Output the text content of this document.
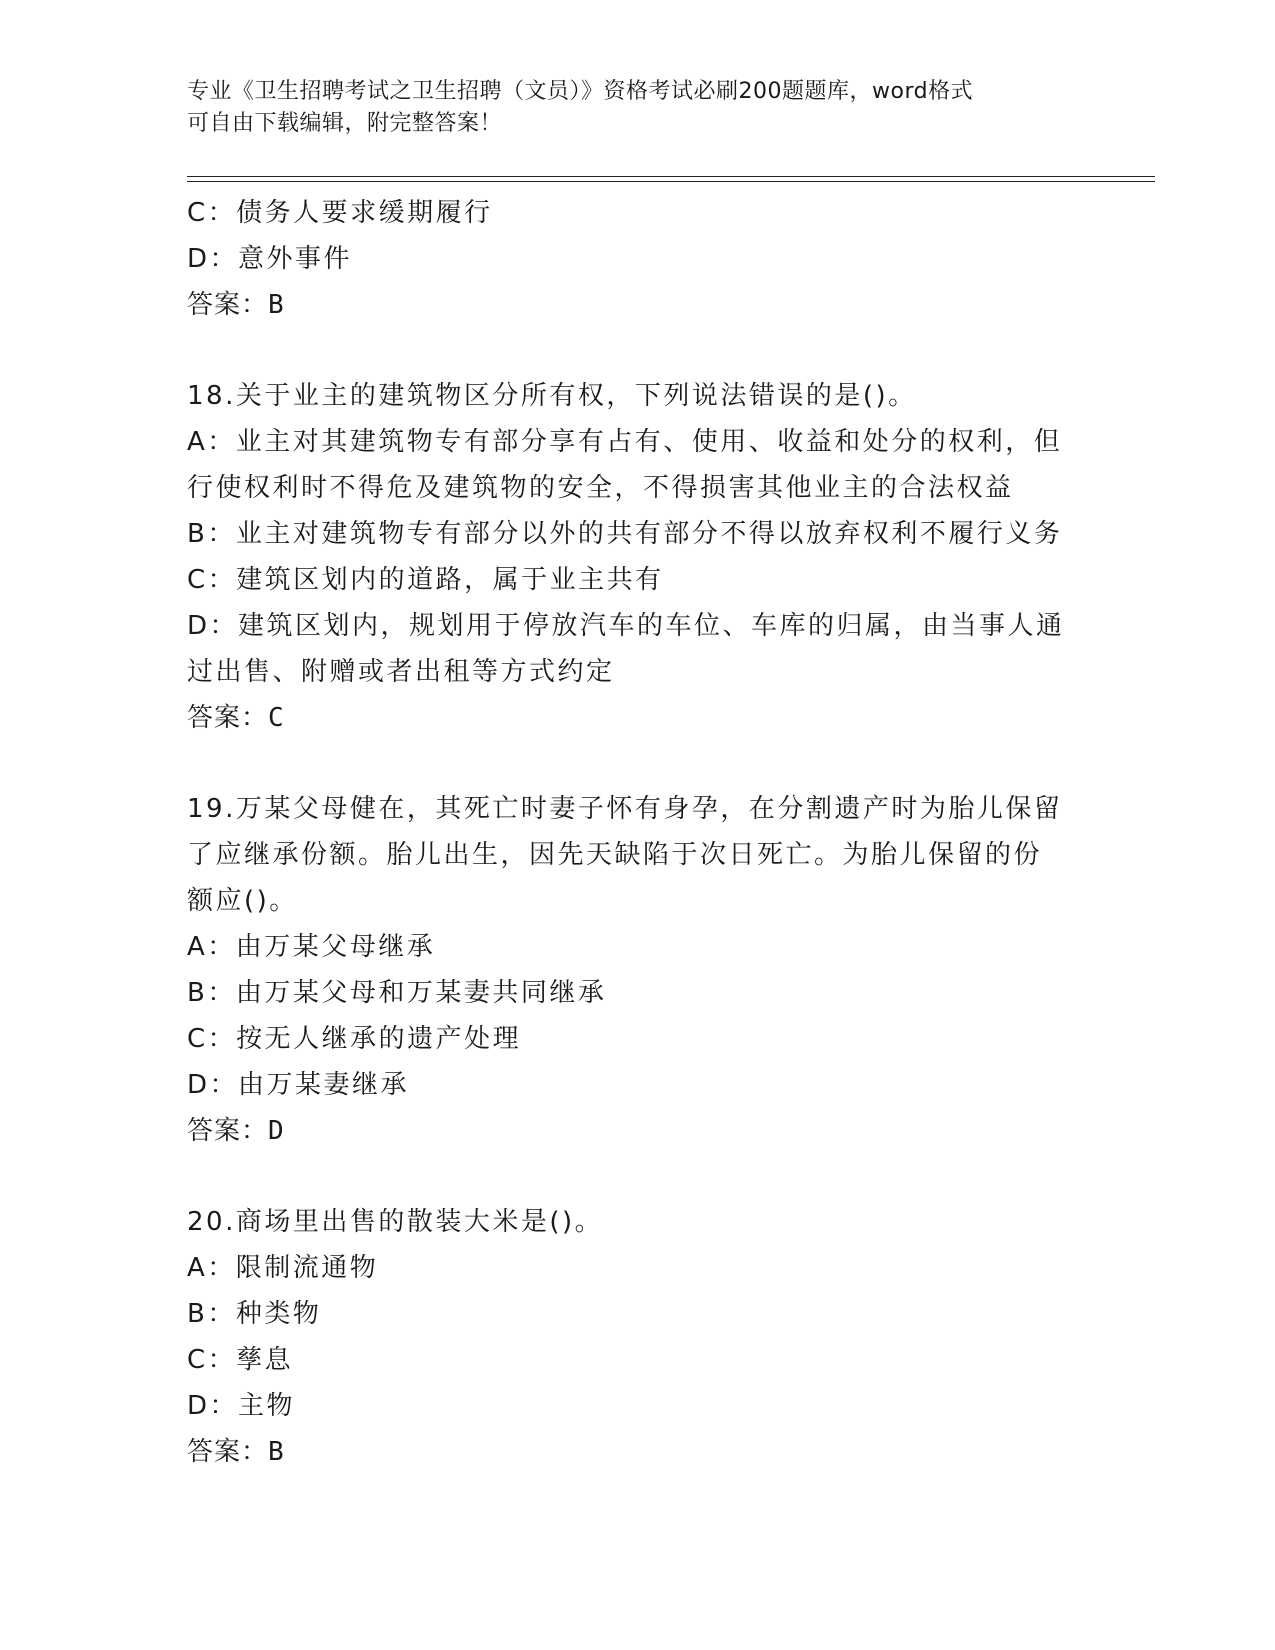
专业《卫生招聘考试之卫生招聘（文员）》资格考试必刷200题题库，word格式

可自由下载编辑，附完整答案！

C：债务人要求缓期履行
D：意外事件
答案：B
18.关于业主的建筑物区分所有权，下列说法错误的是()。
A：业主对其建筑物专有部分享有占有、使用、收益和处分的权利，但
行使权利时不得危及建筑物的安全，不得损害其他业主的合法权益
B：业主对建筑物专有部分以外的共有部分不得以放弃权利不履行义务
C：建筑区划内的道路，属于业主共有
D：建筑区划内，规划用于停放汽车的车位、车库的归属，由当事人通
过出售、附赠或者出租等方式约定
答案：C
19.万某父母健在，其死亡时妻子怀有身孕，在分割遗产时为胎儿保留
了应继承份额。胎儿出生，因先天缺陷于次日死亡。为胎儿保留的份
额应()。
A：由万某父母继承
B：由万某父母和万某妻共同继承
C：按无人继承的遗产处理
D：由万某妻继承
答案：D
20.商场里出售的散装大米是()。
A：限制流通物
B：种类物
C：孳息
D：主物
答案：B
